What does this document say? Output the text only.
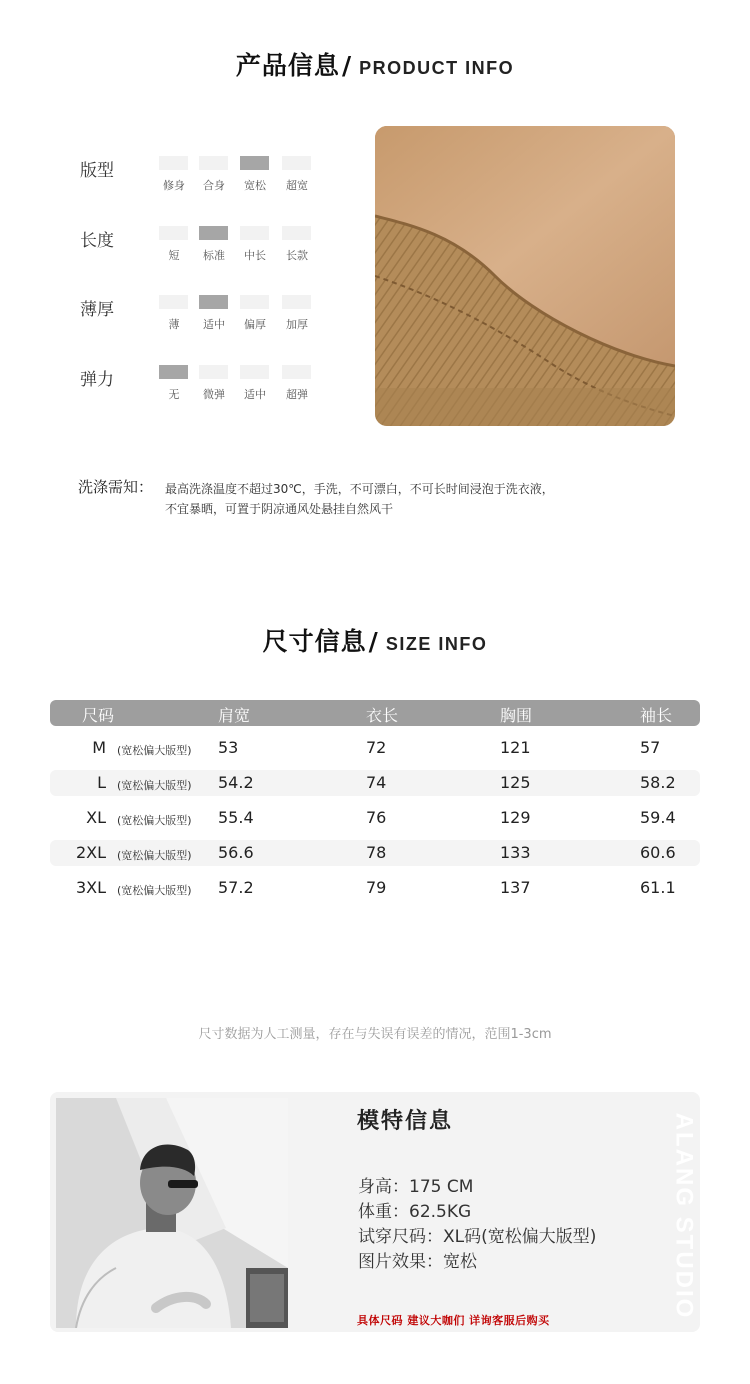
产品信息/ PRODUCT INFO
版型
修身	合身	宽松	超宽
长度
短	标准	中长	长款
薄厚
薄	适中	偏厚	加厚
弹力
无	微弹	适中	超弹
洗涤需知： 最高洗涤温度不超过30℃，手洗，不可漂白，不可长时间浸泡于洗衣液，
不宜暴晒，可置于阴凉通风处悬挂自然风干
尺寸信息/ SIZE INFO
尺码	肩宽	衣长	胸围	袖长
M (宽松偏大版型) 53	72	121	57
L (宽松偏大版型) 54.2	74	125	58.2
XL (宽松偏大版型) 55.4	76	129	59.4
2XL (宽松偏大版型) 56.6	78	133	60.6
3XL (宽松偏大版型) 57.2	79	137	61.1
尺寸数据为人工测量，存在与失误有误差的情况，范围1-3cm
模特信息
身高：175 CM
体重：62.5KG
试穿尺码：XL码(宽松偏大版型)
图片效果：宽松
具体尺码 建议大咖们 详询客服后购买
ALANG STUDIO
